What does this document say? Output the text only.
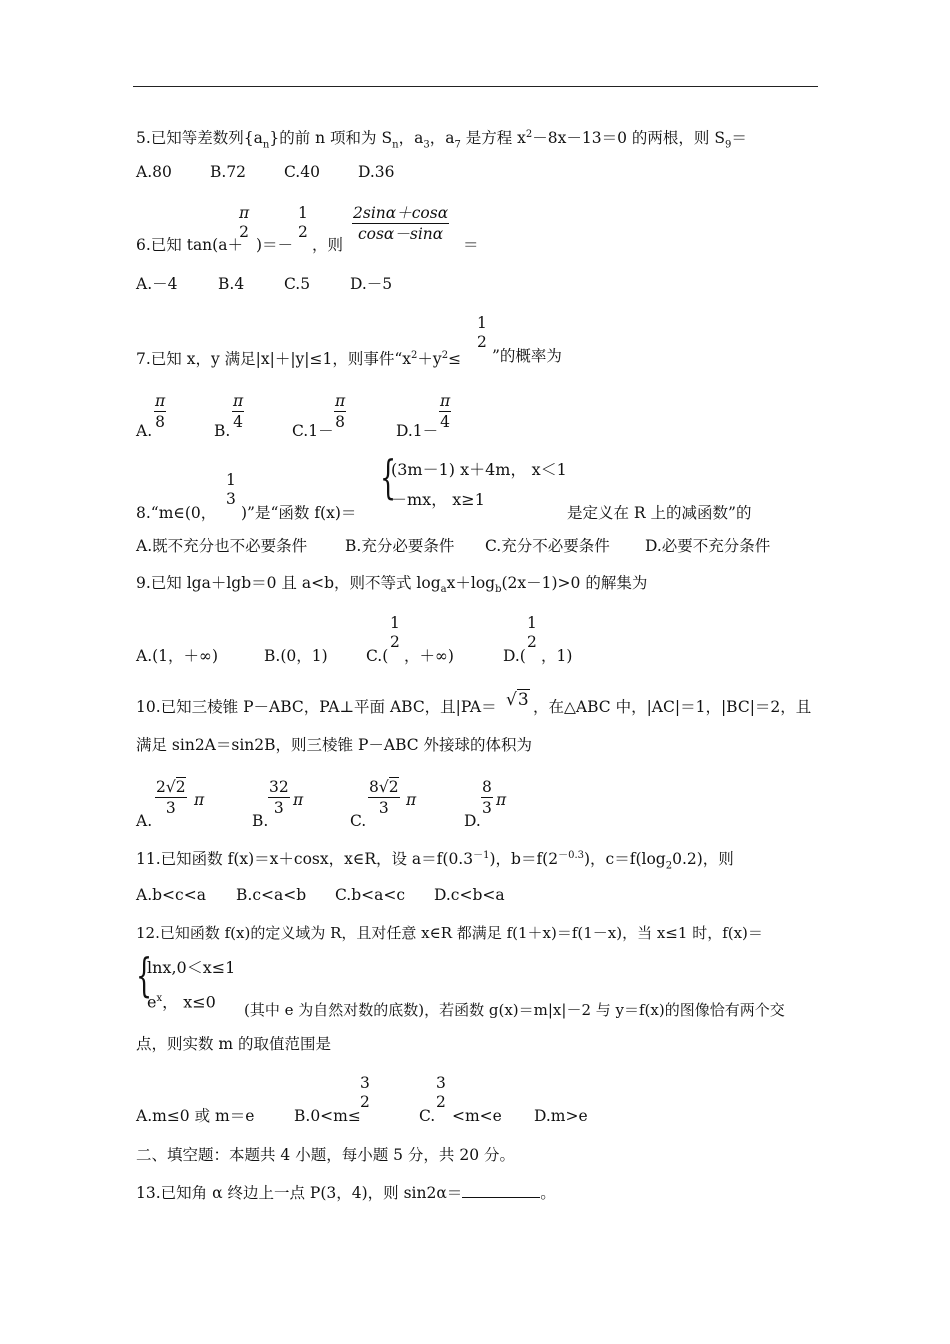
5.已知等差数列$\{a_n\}$的前 n 项和为 $S_n$，$a_3$，$a_7$ 是方程 $x^2-8x-13=0$ 的两根，则 $S_9=$
A.80 B.72 C.40 D.36
6.已知 tan(a＋
π
2
)＝－
1
2
，则
2sinα＋cosα
cosα－sinα
＝
A.－4	B.4	C.5	D.－5
7.已知 x，y 满足|x|＋|y|≤1，则事件“$x^2+y^2\le$
1
2
”的概率为
A.
π
8	B.
π
4	C.1－
π
8	D.1－
π
4
8.“m∈(0，
1
3
)”是“函数 f(x)＝
{
(3m－1) x＋4m， x＜1
－mx， x≥1
是定义在 R 上的减函数”的
A.既不充分也不必要条件 B.充分必要条件 C.充分不必要条件 D.必要不充分条件
9.已知 lga＋lgb＝0 且 a<b，则不等式 $\log_ax+\log_b(2x-1)>0$ 的解集为
A.(1，＋∞)	B.(0，1) C.(
1
2
，＋∞)	D.(
1
2
，1)
10.已知三棱锥 P－ABC，PA⊥平面 ABC，且|PA＝ √3 ，在△ABC 中，|AC|＝1，|BC|＝2，且
满足 sin2A＝sin2B，则三棱锥 P－ABC 外接球的体积为
A.
2√2
3	π
B.
32
3 π
C.
8√2
3	π
D.
8
3 π
11.已知函数 f(x)＝x＋cosx，x∈R，设 $a=f(0.3^{-1})$，$b=f(2^{-0.3})$，$c=f(\log_20.2)$，则
A.b<c<a B.c<a<b C.b<a<c D.c<b<a
12.已知函数 f(x)的定义域为 R，且对任意 x∈R 都满足 f(1＋x)＝f(1－x)，当 x≤1 时，f(x)＝
{
lnx,0＜x≤1
$e^x$， x≤0 (其中 e 为自然对数的底数)，若函数 g(x)＝m|x|－2 与 y＝f(x)的图像恰有两个交
点，则实数 m 的取值范围是
A.m≤0 或 m＝e	B.0<m≤
3
2
C.
3
2
<m<e D.m>e
二、填空题：本题共 4 小题，每小题 5 分，共 20 分。
13.已知角 α 终边上一点 P(3，4)，则 sin2α＝	。
